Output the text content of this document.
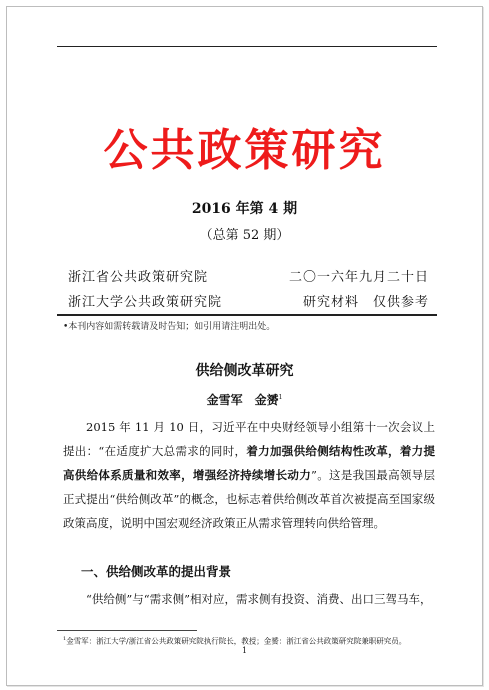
公共政策研究
2016 年第 4 期
（总第 52 期）
浙江省公共政策研究院	二〇一六年九月二十日
浙江大学公共政策研究院	研究材料　仅供参考
•本刊内容如需转载请及时告知；如引用请注明出处。
供给侧改革研究
金雪军　金赟$^1$
2015 年 11 月 10 日，习近平在中央财经领导小组第十一次会议上提出：“在适度扩大总需求的同时，着力加强供给侧结构性改革，着力提高供给体系质量和效率，增强经济持续增长动力”。这是我国最高领导层正式提出“供给侧改革”的概念，也标志着供给侧改革首次被提高至国家级政策高度，说明中国宏观经济政策正从需求管理转向供给管理。
一、供给侧改革的提出背景
“供给侧”与“需求侧”相对应，需求侧有投资、消费、出口三驾马车，
$^1$金雪军：浙江大学/浙江省公共政策研究院执行院长，教授；金赟：浙江省公共政策研究院兼职研究员。
1
